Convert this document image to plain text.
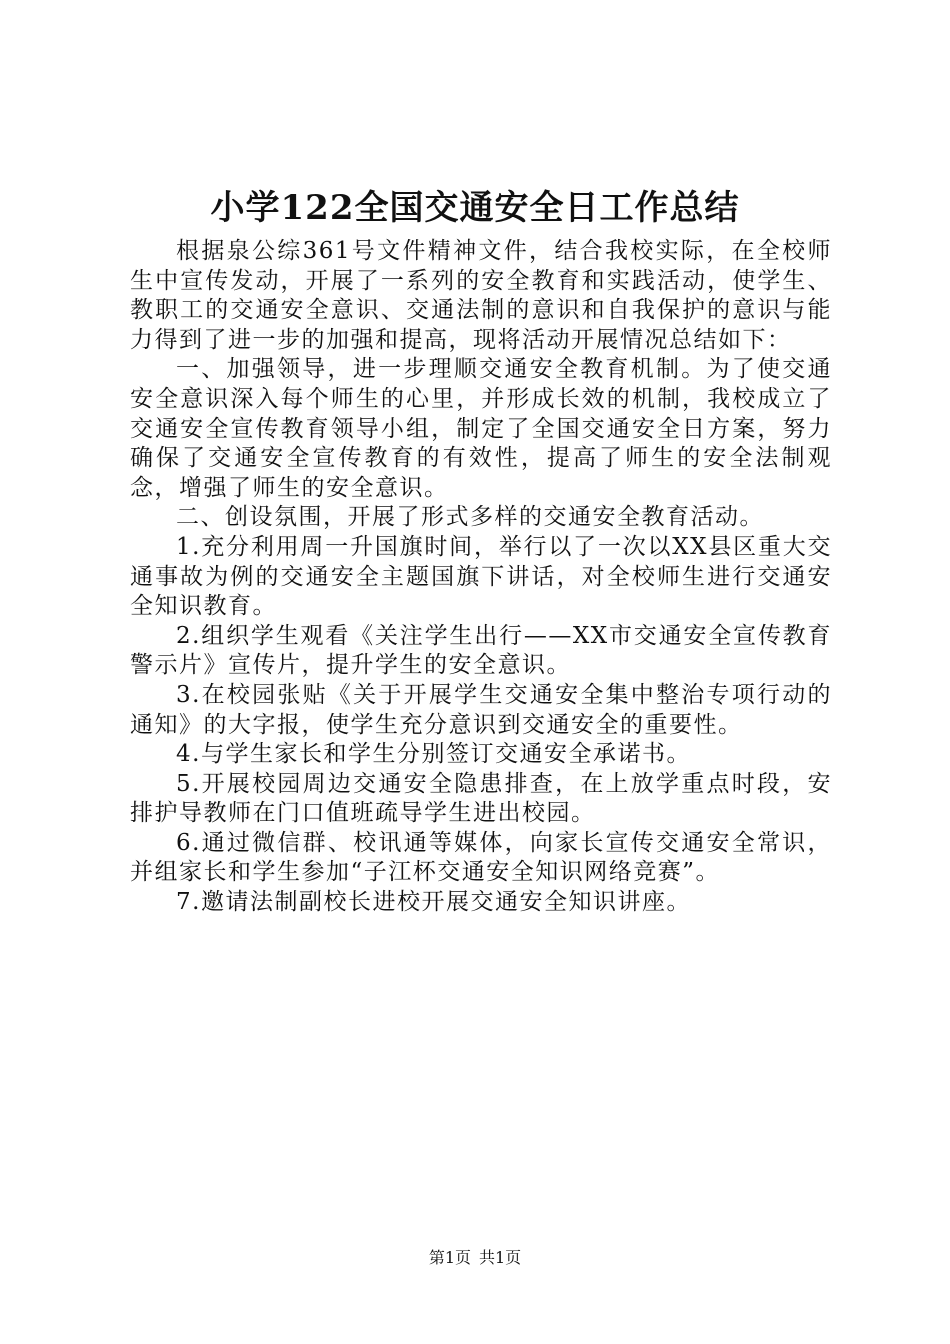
小学122全国交通安全日工作总结

根据泉公综361号文件精神文件，结合我校实际，在全校师生中宣传发动，开展了一系列的安全教育和实践活动，使学生、教职工的交通安全意识、交通法制的意识和自我保护的意识与能力得到了进一步的加强和提高，现将活动开展情况总结如下：

一、加强领导，进一步理顺交通安全教育机制。为了使交通安全意识深入每个师生的心里，并形成长效的机制，我校成立了交通安全宣传教育领导小组，制定了全国交通安全日方案，努力确保了交通安全宣传教育的有效性，提高了师生的安全法制观念，增强了师生的安全意识。

二、创设氛围，开展了形式多样的交通安全教育活动。

1.充分利用周一升国旗时间，举行以了一次以XX县区重大交通事故为例的交通安全主题国旗下讲话，对全校师生进行交通安全知识教育。

2.组织学生观看《关注学生出行——XX市交通安全宣传教育警示片》宣传片，提升学生的安全意识。

3.在校园张贴《关于开展学生交通安全集中整治专项行动的通知》的大字报，使学生充分意识到交通安全的重要性。

4.与学生家长和学生分别签订交通安全承诺书。

5.开展校园周边交通安全隐患排查，在上放学重点时段，安排护导教师在门口值班疏导学生进出校园。

6.通过微信群、校讯通等媒体，向家长宣传交通安全常识，并组家长和学生参加“子江杯交通安全知识网络竞赛”。

7.邀请法制副校长进校开展交通安全知识讲座。

第1页 共1页
